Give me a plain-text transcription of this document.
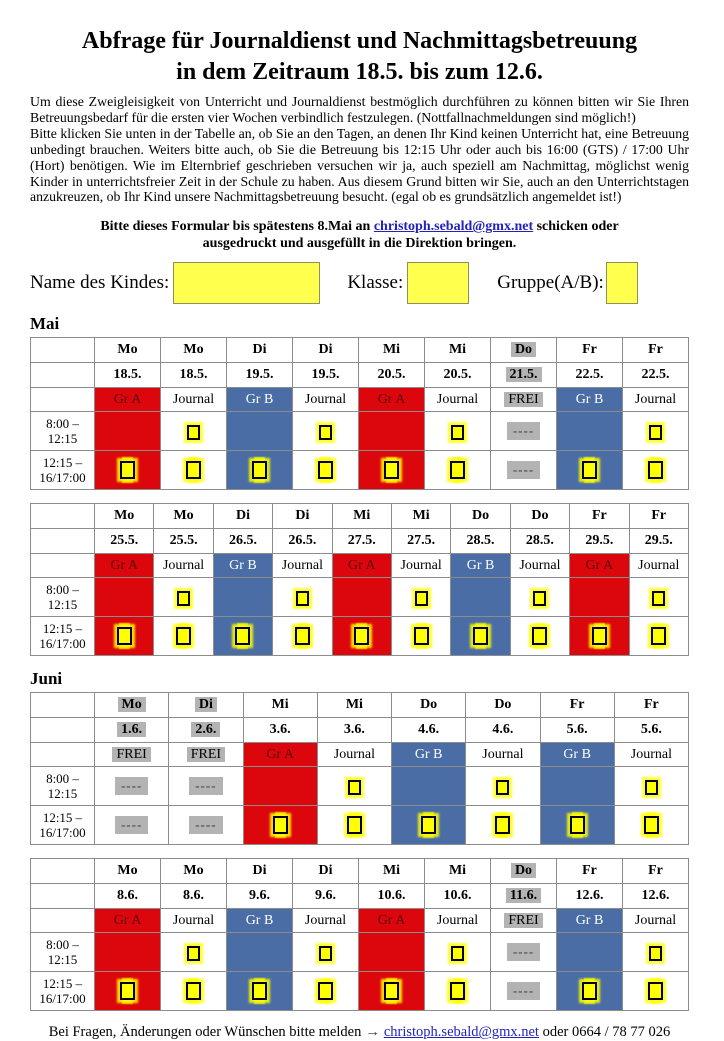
Abfrage für Journaldienst und Nachmittagsbetreuung
in dem Zeitraum 18.5. bis zum 12.6.

Um diese Zweigleisigkeit von Unterricht und Journaldienst bestmöglich durchführen zu können bitten wir Sie Ihren Betreuungsbedarf für die ersten vier Wochen verbindlich festzulegen. (Nottfallnachmeldungen sind möglich!)

Bitte klicken Sie unten in der Tabelle an, ob Sie an den Tagen, an denen Ihr Kind keinen Unterricht hat, eine Betreuung unbedingt brauchen. Weiters bitte auch, ob Sie die Betreuung bis 12:15 Uhr oder auch bis 16:00 (GTS) / 17:00 Uhr (Hort) benötigen. Wie im Elternbrief geschrieben versuchen wir ja, auch speziell am Nachmittag, möglichst wenig Kinder in unterrichtsfreier Zeit in der Schule zu haben. Aus diesem Grund bitten wir Sie, auch an den Unterrichtstagen anzukreuzen, ob Ihr Kind unsere Nachmittagsbetreuung besucht. (egal ob es grundsätzlich angemeldet ist!)

Bitte dieses Formular bis spätestens 8.Mai an christoph.sebald@gmx.net schicken oder ausgedruckt und ausgefüllt in die Direktion bringen.

Name des Kindes:	Klasse:	Gruppe(A/B):
Mai
	Mo	Mo	Di	Di	Mi	Mi	Do	Fr	Fr
	18.5.	18.5.	19.5.	19.5.	20.5.	20.5.	21.5.	22.5.	22.5.
	Gr A	Journal	Gr B	Journal	Gr A	Journal	FREI	Gr B	Journal
8:00 –
12:15							----		
12:15 –
16/17:00							----		
	Mo	Mo	Di	Di	Mi	Mi	Do	Do	Fr	Fr
	25.5.	25.5.	26.5.	26.5.	27.5.	27.5.	28.5.	28.5.	29.5.	29.5.
	Gr A	Journal	Gr B	Journal	Gr A	Journal	Gr B	Journal	Gr A	Journal
8:00 –
12:15										
12:15 –
16/17:00										
Juni
	Mo	Di	Mi	Mi	Do	Do	Fr	Fr
	1.6.	2.6.	3.6.	3.6.	4.6.	4.6.	5.6.	5.6.
	FREI	FREI	Gr A	Journal	Gr B	Journal	Gr B	Journal
8:00 –
12:15	----	----						
12:15 –
16/17:00	----	----						
	Mo	Mo	Di	Di	Mi	Mi	Do	Fr	Fr
	8.6.	8.6.	9.6.	9.6.	10.6.	10.6.	11.6.	12.6.	12.6.
	Gr A	Journal	Gr B	Journal	Gr A	Journal	FREI	Gr B	Journal
8:00 –
12:15							----		
12:15 –
16/17:00							----		

Bei Fragen, Änderungen oder Wünschen bitte melden → christoph.sebald@gmx.net oder 0664 / 78 77 026
